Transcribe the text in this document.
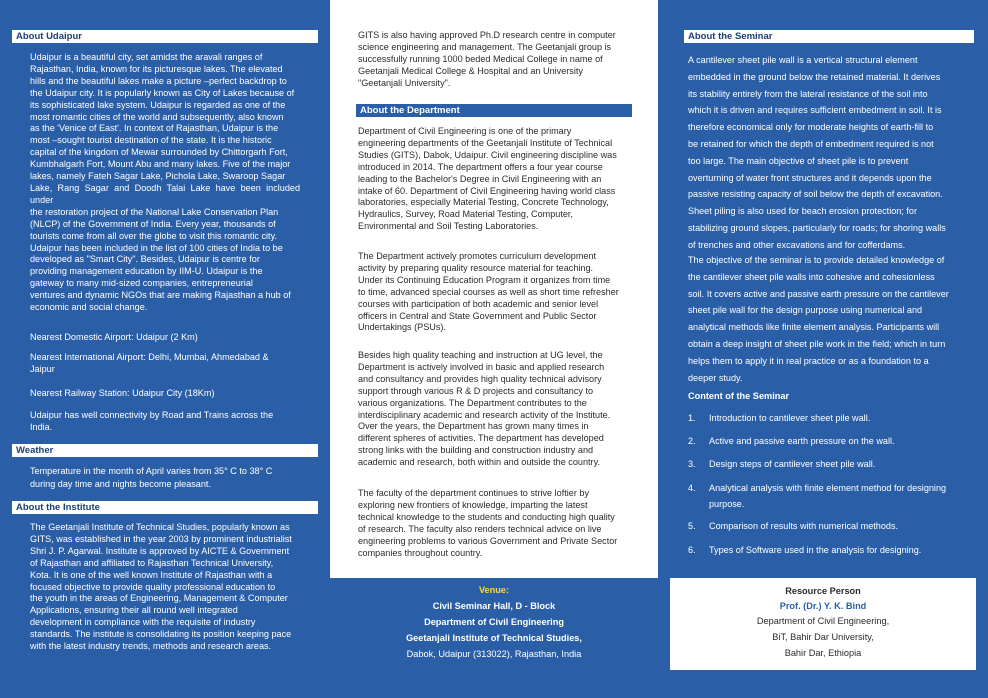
About Udaipur
Udaipur is a beautiful city, set amidst the aravali ranges of
Rajasthan, India, known for its picturesque lakes. The elevated
hills and the beautiful lakes make a picture –perfect backdrop to
the Udaipur city. It is popularly known as City of Lakes because of
its sophisticated lake system. Udaipur is regarded as one of the
most romantic cities of the world and subsequently, also known
as the 'Venice of East'. In context of Rajasthan, Udaipur is the
most –sought tourist destination of the state. It is the historic
capital of the kingdom of Mewar surrounded by Chittorgarh Fort,
Kumbhalgarh Fort, Mount Abu and many lakes. Five of the major
lakes, namely Fateh Sagar Lake, Pichola Lake, Swaroop Sagar
Lake, Rang Sagar and Doodh Talai Lake have been included under
the restoration project of the National Lake Conservation Plan
(NLCP) of the Government of India. Every year, thousands of
tourists come from all over the globe to visit this romantic city.
Udaipur has been included in the list of 100 cities of India to be
developed as "Smart City". Besides, Udaipur is centre for
providing management education by IIM-U. Udaipur is the
gateway to many mid-sized companies, entrepreneurial
ventures and dynamic NGOs that are making Rajasthan a hub of
economic and social change.
Nearest Domestic Airport: Udaipur (2 Km)
Nearest International Airport: Delhi, Mumbai, Ahmedabad &
Jaipur
Nearest Railway Station: Udaipur City (18Km)
Udaipur has well connectivity by Road and Trains across the
India.
Weather
Temperature in the month of April varies from 35° C to 38° C
during day time and nights become pleasant.
About the Institute
The Geetanjali Institute of Technical Studies, popularly known as
GITS, was established in the year 2003 by prominent industrialist
Shri J. P. Agarwal. Institute is approved by AICTE & Government
of Rajasthan and affiliated to Rajasthan Technical University,
Kota. It is one of the well known Institute of Rajasthan with a
focused objective to provide quality professional education to
the youth in the areas of Engineering, Management & Computer
Applications, ensuring their all round well integrated
development in compliance with the requisite of industry
standards. The institute is consolidating its position keeping pace
with the latest industry trends, methods and research areas.
GITS is also having approved Ph.D research centre in computer
science engineering and management. The Geetanjali group is
successfully running 1000 beded Medical College in name of
Geetanjali Medical College & Hospital and an University
"Geetanjali University".
About the Department
Department of Civil Engineering is one of the primary
engineering departments of the Geetanjali Institute of Technical
Studies (GITS), Dabok, Udaipur. Civil engineering discipline was
introduced in 2014. The department offers a four year course
leading to the Bachelor's Degree in Civil Engineering with an
intake of 60. Department of Civil Engineering having world class
laboratories, especially Material Testing, Concrete Technology,
Hydraulics, Survey, Road Material Testing, Computer,
Environmental and Soil Testing Laboratories.
The Department actively promotes curriculum development
activity by preparing quality resource material for teaching.
Under its Continuing Education Program it organizes from time
to time, advanced special courses as well as short time refresher
courses with participation of both academic and senior level
officers in Central and State Government and Public Sector
Undertakings (PSUs).
Besides high quality teaching and instruction at UG level, the
Department is actively involved in basic and applied research
and consultancy and provides high quality technical advisory
support through various R & D projects and consultancy to
various organizations. The Department contributes to the
interdisciplinary academic and research activity of the Institute.
Over the years, the Department has grown many times in
different spheres of activities. The department has developed
strong links with the building and construction industry and
academic and research, both within and outside the country.
The faculty of the department continues to strive loftier by
exploring new frontiers of knowledge, imparting the latest
technical knowledge to the students and conducting high quality
of research. The faculty also renders technical advice on live
engineering problems to various Government and Private Sector
companies throughout country.
Venue:
Civil Seminar Hall, D - Block
Department of Civil Engineering
Geetanjali Institute of Technical Studies,
Dabok, Udaipur (313022), Rajasthan, India
About the Seminar
A cantilever sheet pile wall is a vertical structural element
embedded in the ground below the retained material. It derives
its stability entirely from the lateral resistance of the soil into
which it is driven and requires sufficient embedment in soil. It is
therefore economical only for moderate heights of earth-fill to
be retained for which the depth of embedment required is not
too large. The main objective of sheet pile is to prevent
overturning of water front structures and it depends upon the
passive resisting capacity of soil below the depth of excavation.
Sheet piling is also used for beach erosion protection; for
stabilizing ground slopes, particularly for roads; for shoring walls
of trenches and other excavations and for cofferdams.
The objective of the seminar is to provide detailed knowledge of
the cantilever sheet pile walls into cohesive and cohesionless
soil. It covers active and passive earth pressure on the cantilever
sheet pile wall for the design purpose using numerical and
analytical methods like finite element analysis. Participants will
obtain a deep insight of sheet pile work in the field; which in turn
helps them to apply it in real practice or as a foundation to a
deeper study.
Content of the Seminar
1. Introduction to cantilever sheet pile wall.
2. Active and passive earth pressure on the wall.
3. Design steps of cantilever sheet pile wall.
4. Analytical analysis with finite element method for designing
purpose.
5. Comparison of results with numerical methods.
6. Types of Software used in the analysis for designing.
Resource Person
Prof. (Dr.) Y. K. Bind
Department of Civil Engineering,
BiT, Bahir Dar University,
Bahir Dar, Ethiopia
